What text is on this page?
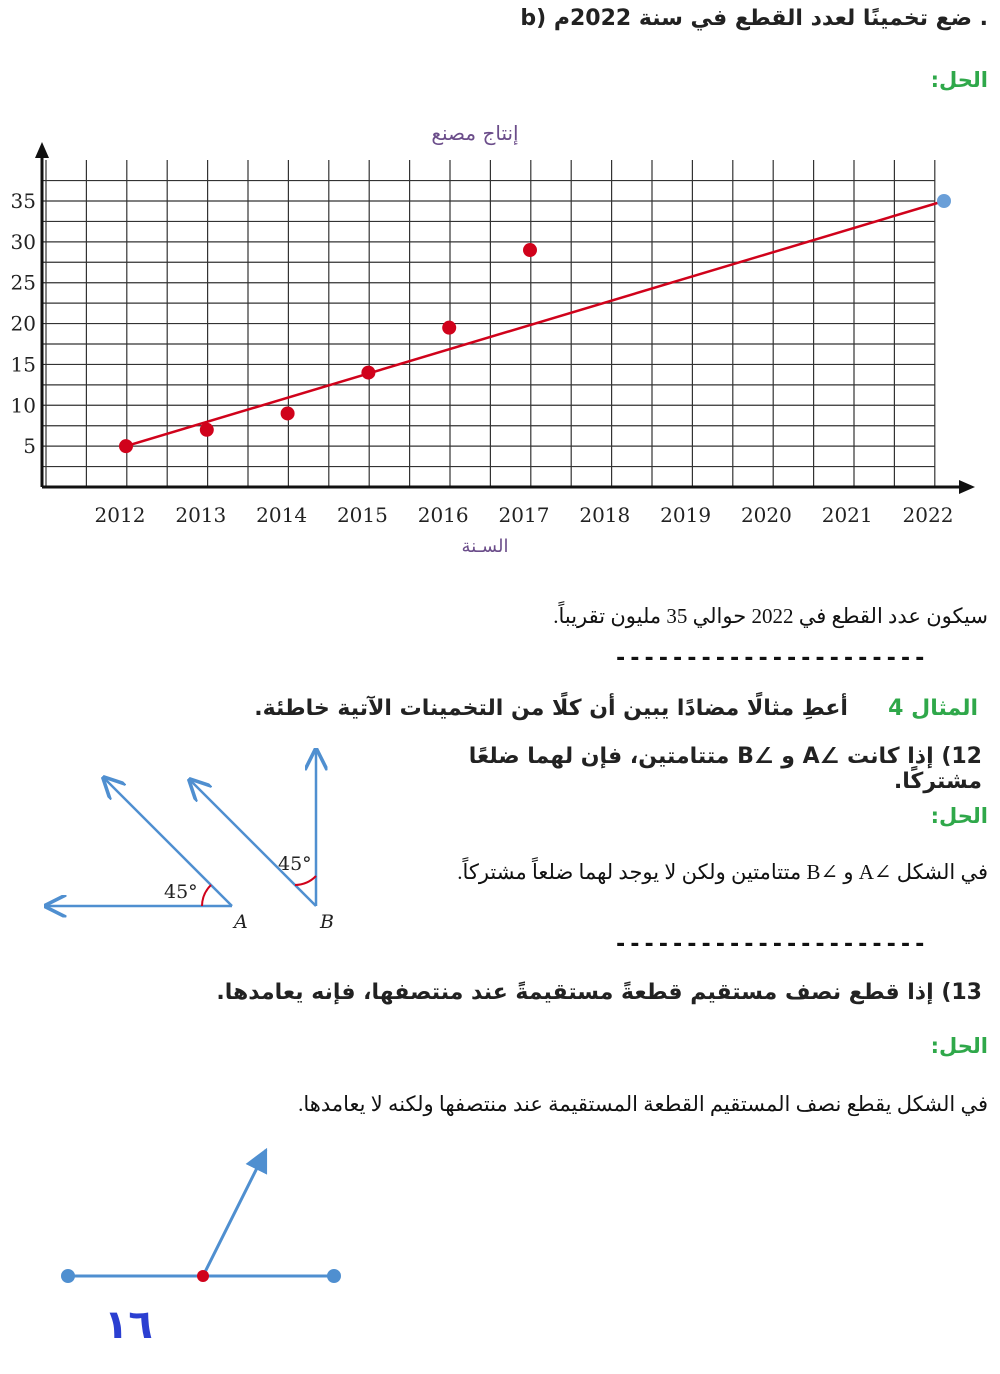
b) ضع تخمينًا لعدد القطع في سنة 2022م .
الحل:
إنتاج مصنع
5
10
15
20
25
30
35
2012 2013 2014 2015 2016 2017 2018 2019 2020 2021 2022
السـنة
سيكون عدد القطع في 2022 حوالي 35 مليون تقريباً.
----------------------
المثال 4  أعطِ مثالًا مضادًا يبين أن كلًا من التخمينات الآتية خاطئة.
12) إذا كانت ∠A و ∠B متتامتين، فإن لهما ضلعًا مشتركًا.
الحل:
في الشكل ∠A و ∠B متتامتين ولكن لا يوجد لهما ضلعاً مشتركاً.
45°
A
45°
B
----------------------
13) إذا قطع نصف مستقيم قطعةً مستقيمةً عند منتصفها، فإنه يعامدها.
الحل:
في الشكل يقطع نصف المستقيم القطعة المستقيمة عند منتصفها ولكنه لا يعامدها.
١٦
